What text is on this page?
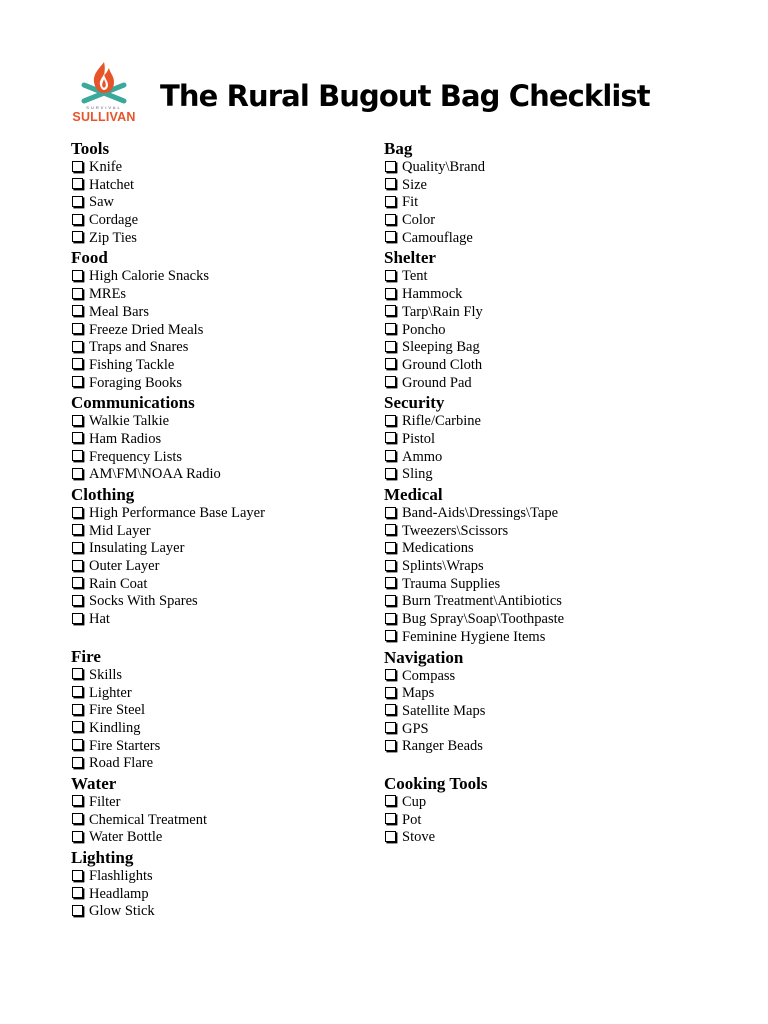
SURVIVAL
SULLIVAN
The Rural Bugout Bag Checklist
Tools
Knife
Hatchet
Saw
Cordage
Zip Ties
Food
High Calorie Snacks
MREs
Meal Bars
Freeze Dried Meals
Traps and Snares
Fishing Tackle
Foraging Books
Communications
Walkie Talkie
Ham Radios
Frequency Lists
AM\FM\NOAA Radio
Clothing
High Performance Base Layer
Mid Layer
Insulating Layer
Outer Layer
Rain Coat
Socks With Spares
Hat
Fire
Skills
Lighter
Fire Steel
Kindling
Fire Starters
Road Flare
Water
Filter
Chemical Treatment
Water Bottle
Lighting
Flashlights
Headlamp
Glow Stick
Bag
Quality\Brand
Size
Fit
Color
Camouflage
Shelter
Tent
Hammock
Tarp\Rain Fly
Poncho
Sleeping Bag
Ground Cloth
Ground Pad
Security
Rifle/Carbine
Pistol
Ammo
Sling
Medical
Band-Aids\Dressings\Tape
Tweezers\Scissors
Medications
Splints\Wraps
Trauma Supplies
Burn Treatment\Antibiotics
Bug Spray\Soap\Toothpaste
Feminine Hygiene Items
Navigation
Compass
Maps
Satellite Maps
GPS
Ranger Beads
Cooking Tools
Cup
Pot
Stove
